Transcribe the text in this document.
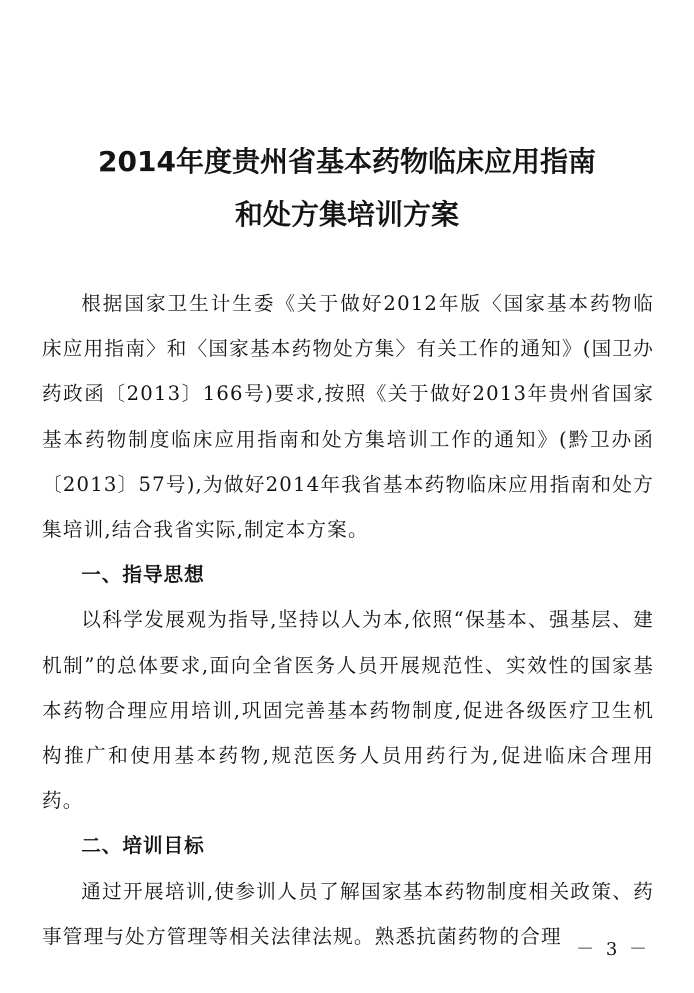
2014年度贵州省基本药物临床应用指南
和处方集培训方案

根据国家卫生计生委《关于做好2012年版〈国家基本药物临床应用指南〉和〈国家基本药物处方集〉有关工作的通知》(国卫办药政函〔2013〕166号)要求,按照《关于做好2013年贵州省国家基本药物制度临床应用指南和处方集培训工作的通知》(黔卫办函〔2013〕57号),为做好2014年我省基本药物临床应用指南和处方集培训,结合我省实际,制定本方案。

一、指导思想

以科学发展观为指导,坚持以人为本,依照“保基本、强基层、建机制”的总体要求,面向全省医务人员开展规范性、实效性的国家基本药物合理应用培训,巩固完善基本药物制度,促进各级医疗卫生机构推广和使用基本药物,规范医务人员用药行为,促进临床合理用药。

二、培训目标

通过开展培训,使参训人员了解国家基本药物制度相关政策、药事管理与处方管理等相关法律法规。熟悉抗菌药物的合理

－ 3 －
